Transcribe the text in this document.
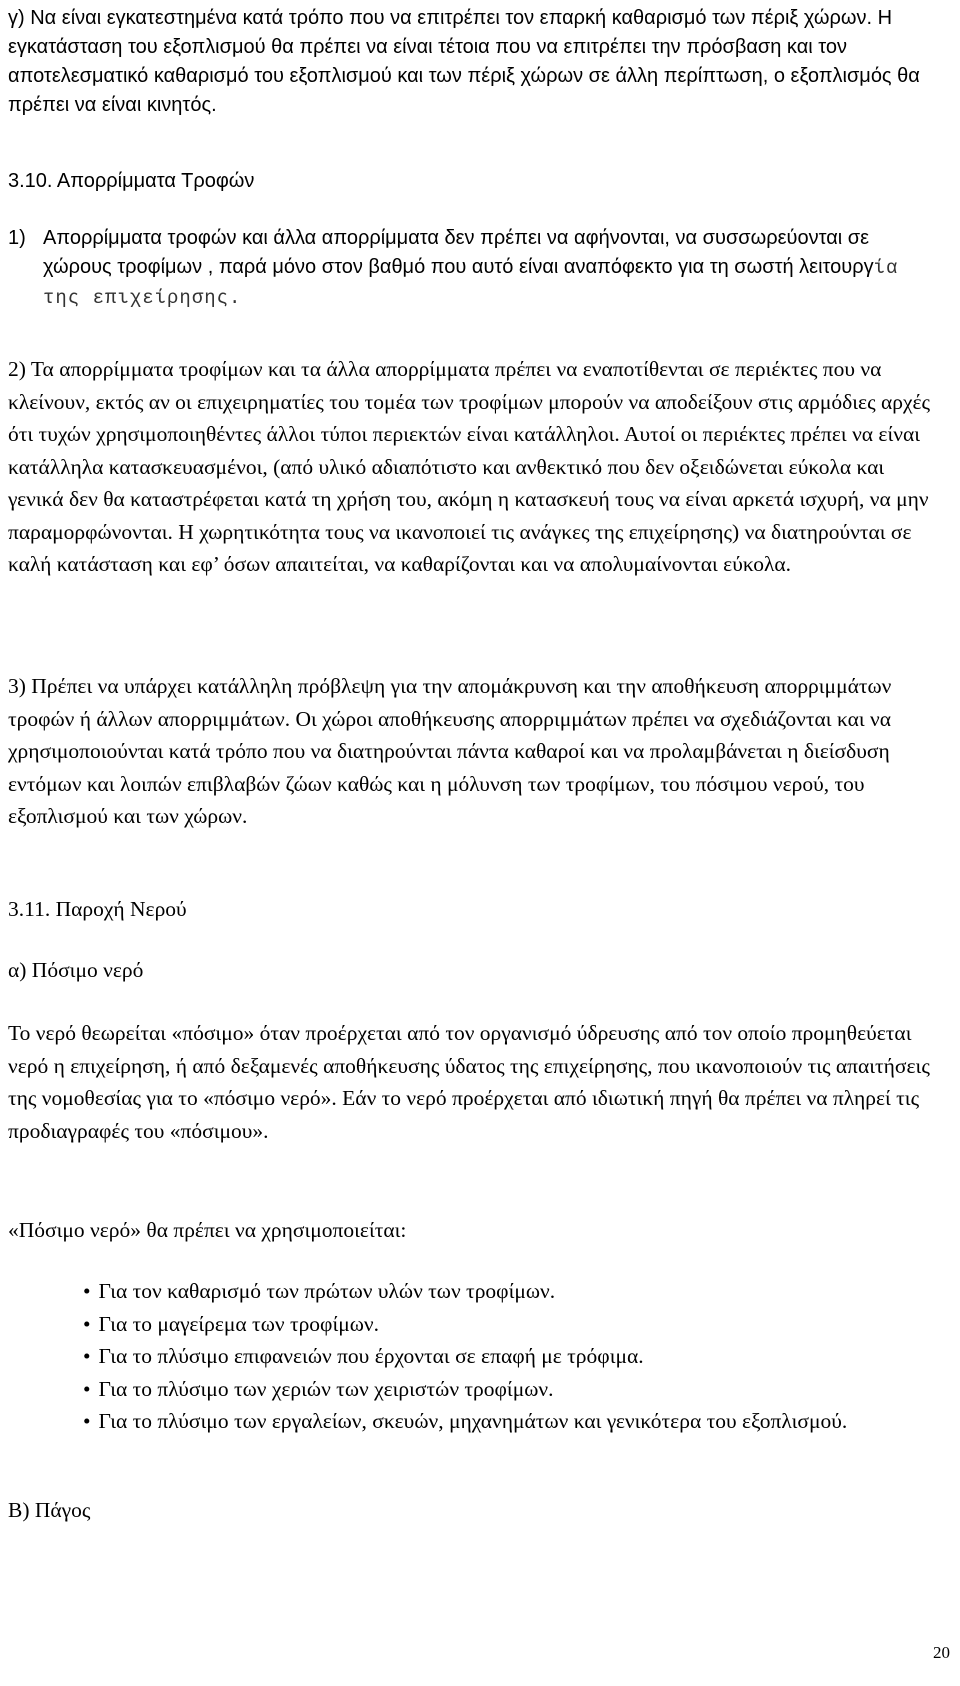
γ) Να είναι εγκατεστημένα κατά τρόπο που να επιτρέπει τον επαρκή καθαρισμό των πέριξ χώρων. Η εγκατάσταση του εξοπλισμού θα πρέπει να είναι τέτοια που να επιτρέπει την πρόσβαση και τον αποτελεσματικό καθαρισμό του εξοπλισμού και των πέριξ χώρων σε άλλη περίπτωση, ο εξοπλισμός θα πρέπει να είναι κινητός.

3.10. Απορρίμματα Τροφών

1) Απορρίμματα τροφών και άλλα απορρίμματα δεν πρέπει να αφήνονται, να συσσωρεύονται σε χώρους τροφίμων , παρά μόνο στον βαθμό που αυτό είναι αναπόφεκτο για τη σωστή λειτουργία της επιχείρησης.

2) Τα απορρίμματα τροφίμων και τα άλλα απορρίμματα πρέπει να εναποτίθενται σε περιέκτες που να κλείνουν, εκτός αν οι επιχειρηματίες του τομέα των τροφίμων μπορούν να αποδείξουν στις αρμόδιες αρχές ότι τυχών χρησιμοποιηθέντες άλλοι τύποι περιεκτών είναι κατάλληλοι. Αυτοί οι περιέκτες πρέπει να είναι κατάλληλα κατασκευασμένοι, (από υλικό αδιαπότιστο και ανθεκτικό που δεν οξειδώνεται εύκολα και γενικά δεν θα καταστρέφεται κατά τη χρήση του, ακόμη η κατασκευή τους να είναι αρκετά ισχυρή, να μην παραμορφώνονται. Η χωρητικότητα τους να ικανοποιεί τις ανάγκες της επιχείρησης) να διατηρούνται σε καλή κατάσταση και εφ’ όσων απαιτείται, να καθαρίζονται και να απολυμαίνονται εύκολα.

3) Πρέπει να υπάρχει κατάλληλη πρόβλεψη για την απομάκρυνση και την αποθήκευση απορριμμάτων τροφών ή άλλων απορριμμάτων. Οι χώροι αποθήκευσης απορριμμάτων πρέπει να σχεδιάζονται και να χρησιμοποιούνται κατά τρόπο που να διατηρούνται πάντα καθαροί και να προλαμβάνεται η διείσδυση εντόμων και λοιπών επιβλαβών ζώων καθώς και η μόλυνση των τροφίμων, του πόσιμου νερού, του εξοπλισμού και των χώρων.

3.11. Παροχή Νερού

α) Πόσιμο νερό

Το νερό θεωρείται «πόσιμο» όταν προέρχεται από τον οργανισμό ύδρευσης από τον οποίο προμηθεύεται νερό η επιχείρηση, ή από δεξαμενές αποθήκευσης ύδατος της επιχείρησης, που ικανοποιούν τις απαιτήσεις της νομοθεσίας για το «πόσιμο νερό». Εάν το νερό προέρχεται από ιδιωτική πηγή θα πρέπει να πληρεί τις προδιαγραφές του «πόσιμου».

«Πόσιμο νερό» θα πρέπει να χρησιμοποιείται:

• Για τον καθαρισμό των πρώτων υλών των τροφίμων.
• Για το μαγείρεμα των τροφίμων.
• Για το πλύσιμο επιφανειών που έρχονται σε επαφή με τρόφιμα.
• Για το πλύσιμο των χεριών των χειριστών τροφίμων.
• Για το πλύσιμο των εργαλείων, σκευών, μηχανημάτων και γενικότερα του εξοπλισμού.

Β) Πάγος

20
